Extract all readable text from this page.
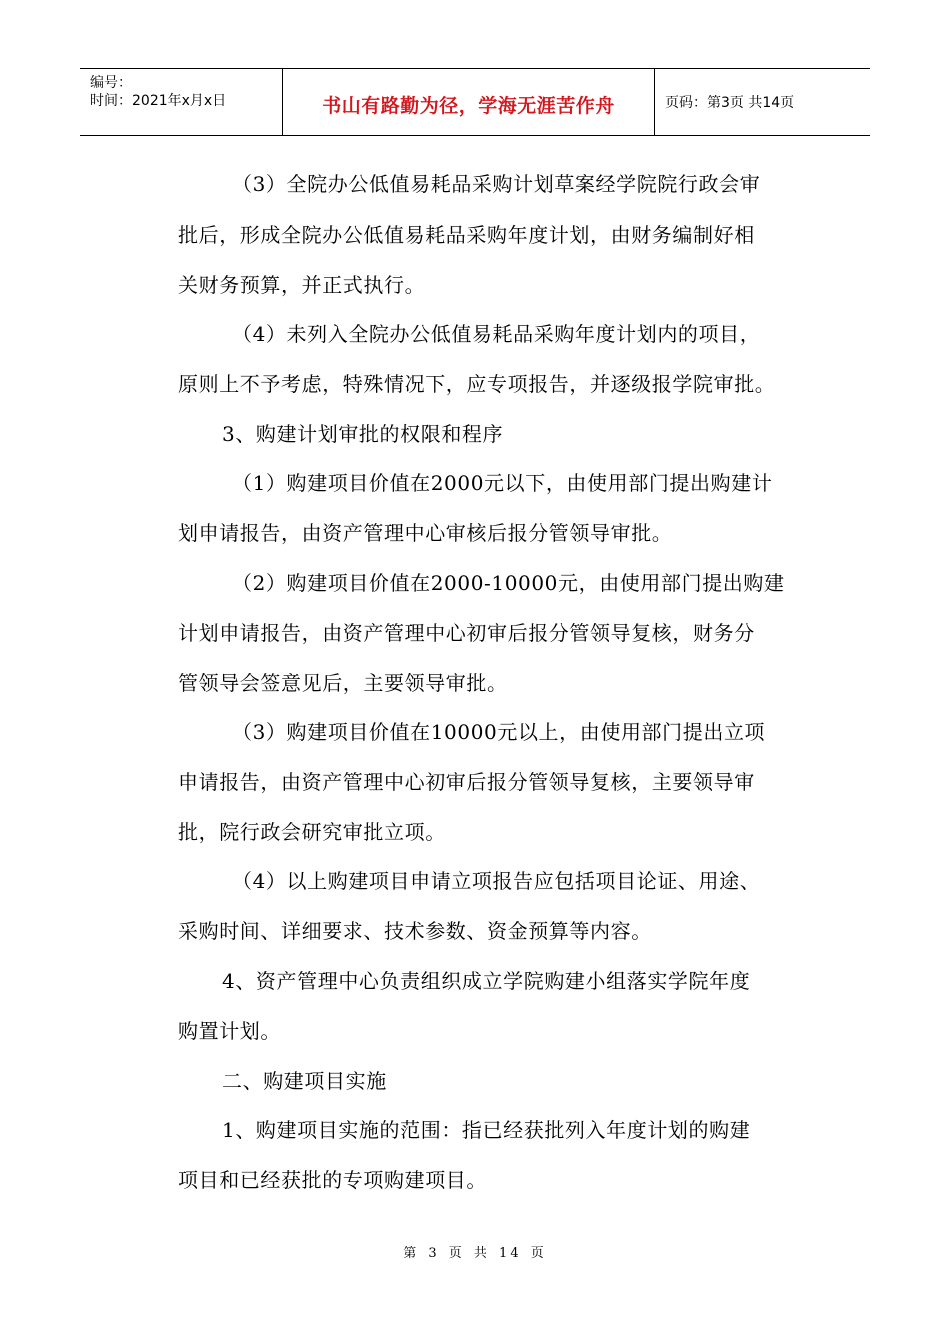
编号：
时间：2021年x月x日	书山有路勤为径，学海无涯苦作舟	页码：第3页 共14页
（3）全院办公低值易耗品采购计划草案经学院院行政会审
批后，形成全院办公低值易耗品采购年度计划，由财务编制好相
关财务预算，并正式执行。
（4）未列入全院办公低值易耗品采购年度计划内的项目，
原则上不予考虑，特殊情况下，应专项报告，并逐级报学院审批。
3、购建计划审批的权限和程序
（1）购建项目价值在2000元以下，由使用部门提出购建计
划申请报告，由资产管理中心审核后报分管领导审批。
（2）购建项目价值在2000-10000元，由使用部门提出购建
计划申请报告，由资产管理中心初审后报分管领导复核，财务分
管领导会签意见后，主要领导审批。
（3）购建项目价值在10000元以上，由使用部门提出立项
申请报告，由资产管理中心初审后报分管领导复核，主要领导审
批，院行政会研究审批立项。
（4）以上购建项目申请立项报告应包括项目论证、用途、
采购时间、详细要求、技术参数、资金预算等内容。
4、资产管理中心负责组织成立学院购建小组落实学院年度
购置计划。
二、购建项目实施
1、购建项目实施的范围：指已经获批列入年度计划的购建
项目和已经获批的专项购建项目。
第 3 页 共 14 页
